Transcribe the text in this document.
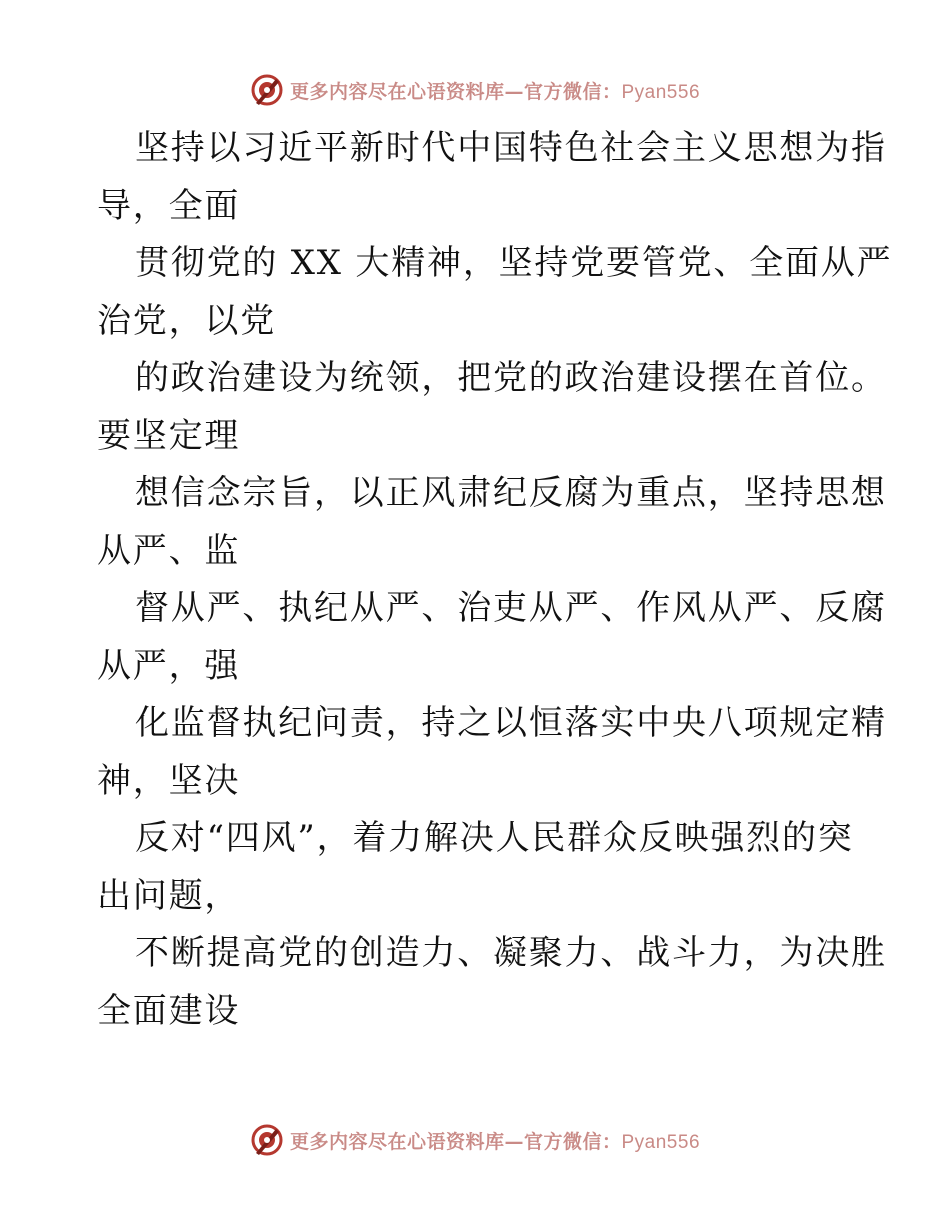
更多内容尽在心语资料库—官方微信：Pyan556

坚持以习近平新时代中国特色社会主义思想为指

导，全面

贯彻党的 XX 大精神，坚持党要管党、全面从严

治党，以党

的政治建设为统领，把党的政治建设摆在首位。

要坚定理

想信念宗旨，以正风肃纪反腐为重点，坚持思想

从严、监

督从严、执纪从严、治吏从严、作风从严、反腐

从严，强

化监督执纪问责，持之以恒落实中央八项规定精

神，坚决

反对“四风”，着力解决人民群众反映强烈的突

出问题，

不断提高党的创造力、凝聚力、战斗力，为决胜

全面建设

更多内容尽在心语资料库—官方微信：Pyan556
